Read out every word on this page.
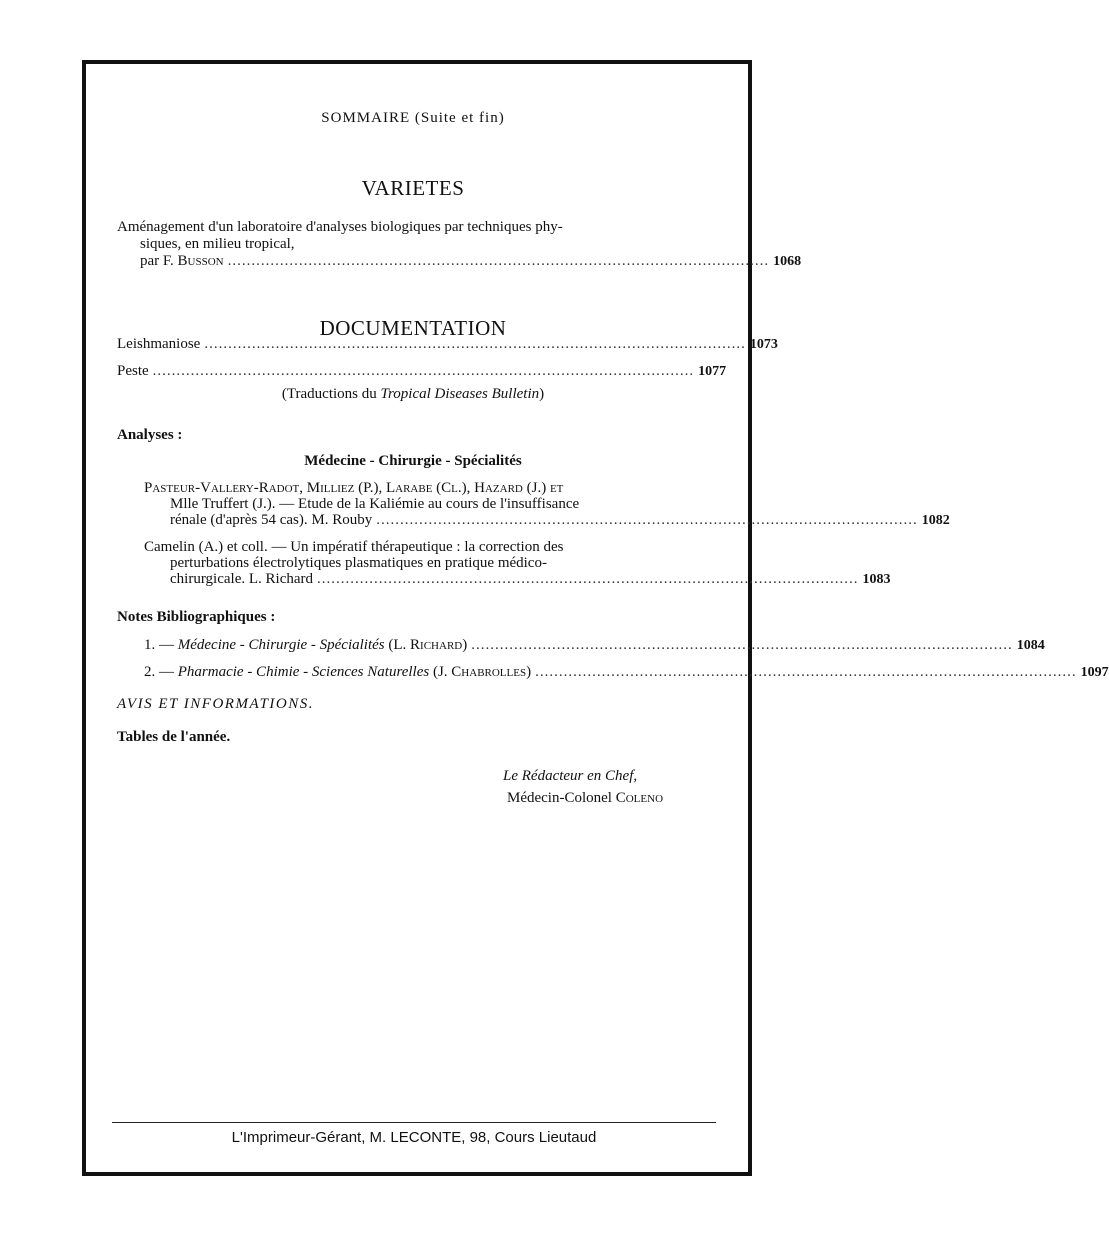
SOMMAIRE (Suite et fin)
VARIETES
Aménagement d'un laboratoire d'analyses biologiques par techniques phy-
siques, en milieu tropical,
par F.
Busson .................................................................................................................. 1068
DOCUMENTATION
Leishmaniose .................................................................................................................. 1073
Peste .................................................................................................................. 1077
(Traductions du Tropical Diseases Bulletin)
Analyses :
Médecine - Chirurgie - Spécialités
Pasteur-Vallery-Radot, Milliez (P.), Larabe (Cl.), Hazard (J.) et
Mlle Truffert (J.). — Etude de la Kaliémie au cours de l'insuffisance
rénale (d'après 54 cas). M. Rouby .................................................................................................................. 1082
Camelin (A.) et coll. — Un impératif thérapeutique : la correction des
perturbations électrolytiques plasmatiques en pratique médico-
chirurgicale. L. Richard .................................................................................................................. 1083
Notes Bibliographiques :
1. —
Médecine - Chirurgie - Spécialités
(L. Richard) .................................................................................................................. 1084
2. —
Pharmacie - Chimie - Sciences Naturelles
(J. Chabrolles) .................................................................................................................. 1097
AVIS ET INFORMATIONS.
Tables de l'année.
Le Rédacteur en Chef,
Médecin-Colonel Coleno
L'Imprimeur-Gérant, M. LECONTE, 98, Cours Lieutaud
